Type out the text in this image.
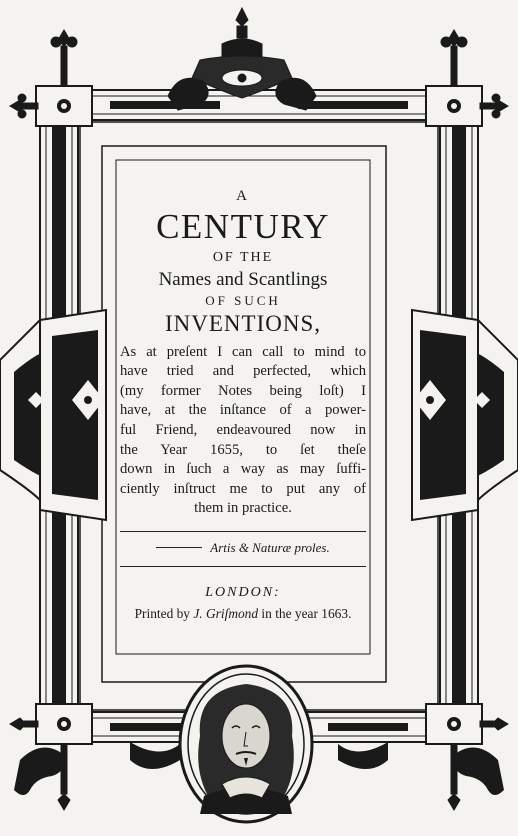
A
CENTURY
OF THE
Names and Scantlings
OF SUCH
INVENTIONS,
As at preſent I can call to mind to
have tried and perfected, which
(my former Notes being loſt) I
have, at the inſtance of a power-
ful Friend, endeavoured now in
the Year 1655, to ſet theſe
down in ſuch a way as may ſuffi-
ciently inſtruct me to put any of
them in practice.
Artis & Naturæ proles.
LONDON:
Printed by J. Griſmond in the year 1663.
